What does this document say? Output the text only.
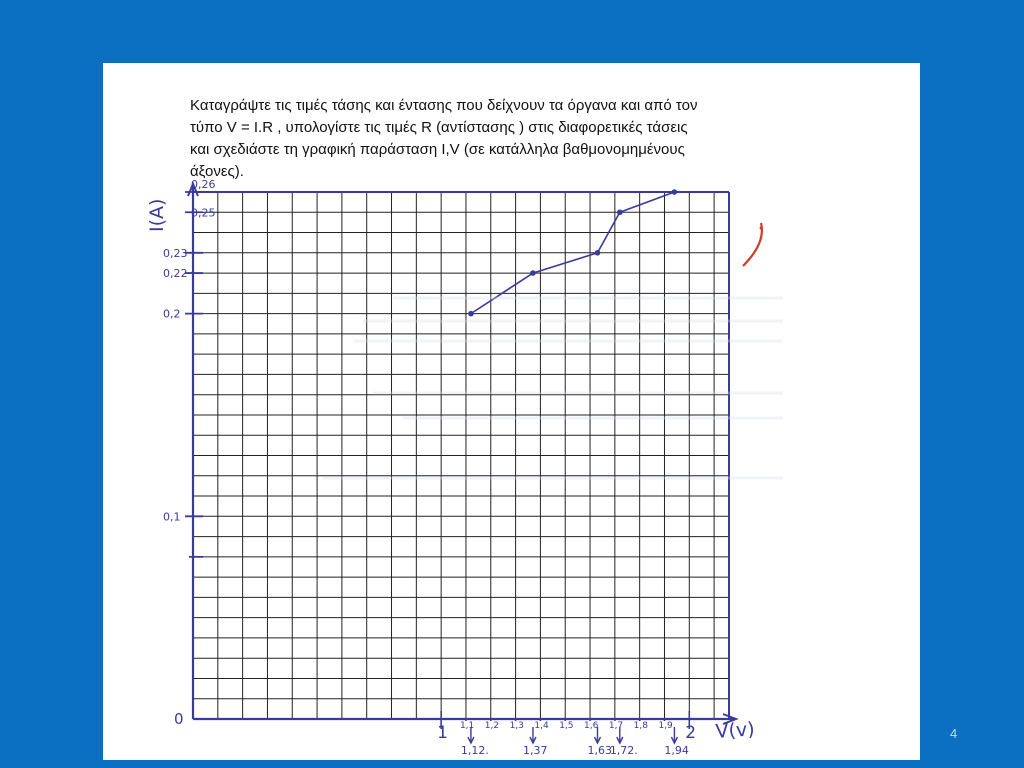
Καταγράψτε τις τιμές τάσης και έντασης που δείχνουν τα όργανα και από τον
τύπο V = I.R , υπολογίστε τις τιμές R (αντίστασης ) στις διαφορετικές τάσεις
και σχεδιάστε τη γραφική παράσταση I,V (σε κατάλληλα βαθμονομημένους
άξονες).

0
I(A)
V(v)
0,1
0,2
0,22
0,23
0,25
0,26
1 1,1 1,2 1,3 1,4 1,5 1,6 1,7 1,8 1,9 2
1,12.	1,37	1,63
1,72. 1,94
4
